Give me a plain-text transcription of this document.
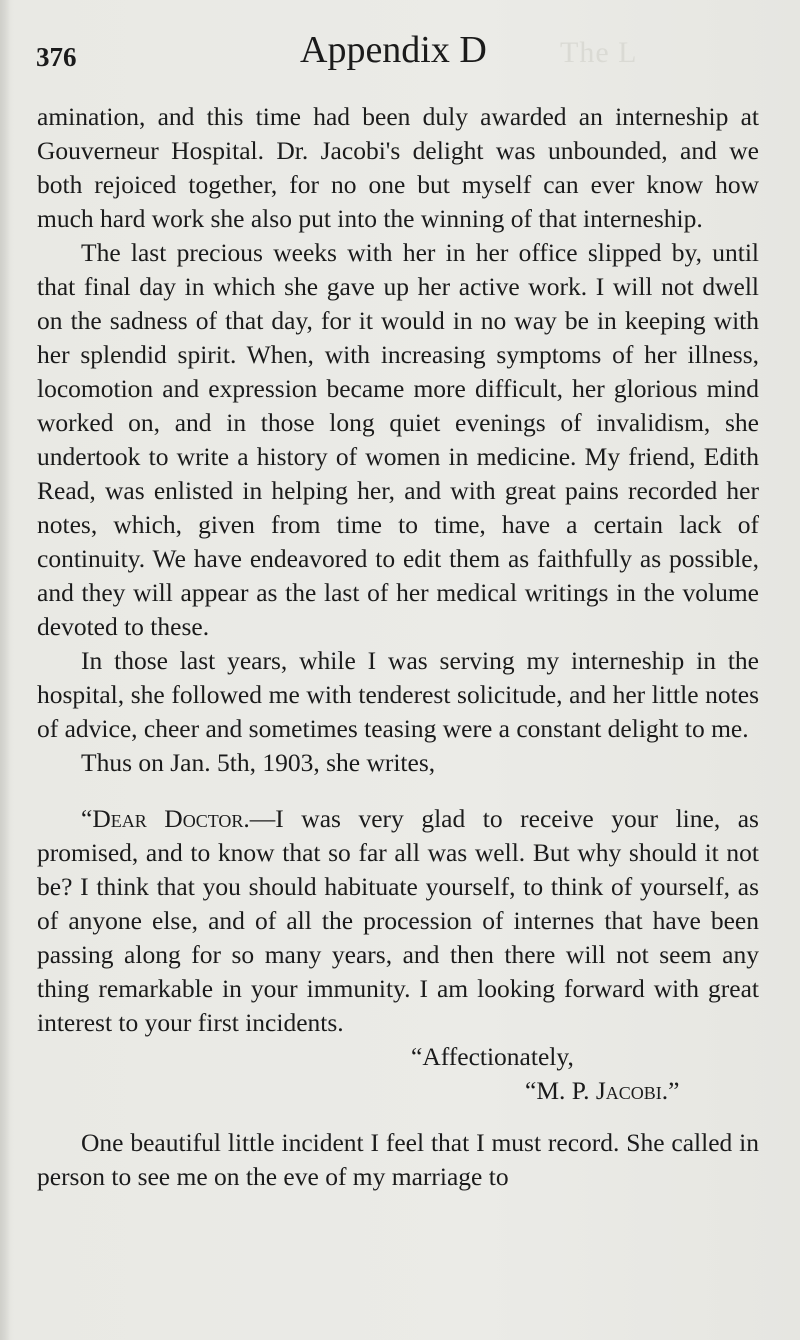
The L
376	Appendix D

amination, and this time had been duly awarded an interneship at Gouverneur Hospital. Dr. Jacobi's delight was unbounded, and we both rejoiced together, for no one but myself can ever know how much hard work she also put into the winning of that interneship.

The last precious weeks with her in her office slipped by, until that final day in which she gave up her active work. I will not dwell on the sadness of that day, for it would in no way be in keeping with her splendid spirit. When, with increasing symptoms of her illness, locomotion and expression became more difficult, her glorious mind worked on, and in those long quiet evenings of invalidism, she undertook to write a history of women in medicine. My friend, Edith Read, was enlisted in helping her, and with great pains recorded her notes, which, given from time to time, have a certain lack of continuity. We have endeavored to edit them as faithfully as possible, and they will appear as the last of her medical writings in the volume devoted to these.

In those last years, while I was serving my interneship in the hospital, she followed me with tenderest solicitude, and her little notes of advice, cheer and sometimes teasing were a constant delight to me.

Thus on Jan. 5th, 1903, she writes,

“Dear Doctor.—I was very glad to receive your line, as promised, and to know that so far all was well. But why should it not be? I think that you should habituate yourself, to think of yourself, as of anyone else, and of all the procession of internes that have been passing along for so many years, and then there will not seem any thing remarkable in your immunity. I am looking forward with great interest to your first incidents.

“Affectionately,

“M. P. Jacobi.”

One beautiful little incident I feel that I must record. She called in person to see me on the eve of my marriage to
